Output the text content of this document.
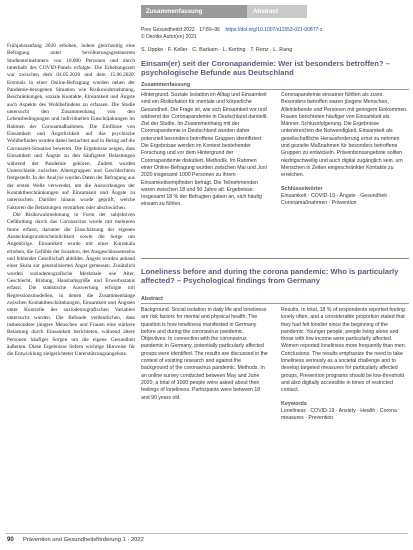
Frühjahrsanfang 2020 erhoben, indem gleichzeitig eine Befragung unter bevölkerungsgesteuerten Studienteilnehmern von 10.000 Personen und durch innerhalb des COVID-Panels erfolgte. Die Erhebungszeit war zwischen dem 04.05.2020 und dem 15.06.2020. Erstmals in einer Online-Befragung wurden neben der Pandemie-bezogenen Situation wie Risikowahrnehmung, Beschränkungen, soziale Kontakte, Einsamkeit und Ängste auch Aspekte des Wohlbefindens zu erfassen. Die Studie untersucht den Zusammenhang von den Lebensbedingungen und individuellen Einschränkungen im Rahmen der Coronamaßnahmen. Die Einflüsse von Einsamkeit und Ängstlichkeit auf das psychische Wohlbefinden wurden dabei betrachtet und in Bezug auf die Coronazeit-Situation bewertet. Die Ergebnisse zeigen, dass Einsamkeit und Ängste zu den häufigsten Belastungen während der Pandemie gehören. Zudem wurden Unterschiede zwischen Altersgruppen und Geschlechtern festgestellt. In der Analyse wurden Daten der Befragung aus der ersten Welle verwendet, um die Auswirkungen der Kontaktbeschränkungen auf Einsamkeit und Ängste zu untersuchen. Darüber hinaus wurde geprüft, welche Faktoren die Belastungen verstärken oder abschwächen.

Die Risikowahrnehmung in Form der subjektiven Gefährdung durch das Coronavirus wurde mit mehreren Items erfasst, darunter die Einschätzung der eigenen Ansteckungswahrscheinlichkeit sowie die Sorge um Angehörige. Einsamkeit wurde mit einer Kurzskala erhoben, die Gefühle der Isolation, des Ausgeschlossenseins und fehlender Gesellschaft abbildet. Ängste wurden anhand einer Skala zur generalisierten Angst gemessen. Zusätzlich wurden soziodemografische Merkmale wie Alter, Geschlecht, Bildung, Haushaltsgröße und Erwerbsstatus erfasst. Die statistische Auswertung erfolgte mit Regressionsmodellen, in denen die Zusammenhänge zwischen Kontaktbeschränkungen, Einsamkeit und Ängsten unter Kontrolle der soziodemografischen Variablen untersucht wurden. Die Befunde verdeutlichen, dass insbesondere jüngere Menschen und Frauen eine stärkere Belastung durch Einsamkeit berichteten, während ältere Personen häufiger Sorgen um die eigene Gesundheit äußerten. Diese Ergebnisse liefern wichtige Hinweise für die Entwicklung zielgerichteter Unterstützungsangebote.

Zusammenfassung	Abstract
Prev Gesundheitsf 2022 · 17:89–96 https://doi.org/10.1007/s11553-021-00877-z
© Der/die Autor(en) 2021
S. Uppke · F. Keller · C. Barkam · L. Kerting · T. Renz · L. Rang
Einsam(er) seit der Coronapandemie: Wer ist besonders betroffen? – psychologische Befunde aus Deutschland
Zusammenfassung

Hintergrund. Soziale Isolation im Alltag und Einsamkeit sind ein Risikofaktor für mentale und körperliche Gesundheit. Die Frage ist, wie sich Einsamkeit vor und während der Coronapandemie in Deutschland darstellt. Ziel der Studie. Im Zusammenhang mit der Coronapandemie in Deutschland wurden daher potenziell besonders betroffene Gruppen identifiziert. Die Ergebnisse werden im Kontext bestehender Forschung und vor dem Hintergrund der Coronapandemie diskutiert. Methodik. Im Rahmen einer Online-Befragung wurden zwischen Mai und Juni 2020 insgesamt 1000 Personen zu ihrem Einsamkeitsempfinden befragt. Die Teilnehmenden waren zwischen 18 und 90 Jahre alt. Ergebnisse. Insgesamt 18 % der Befragten gaben an, sich häufig einsam zu fühlen.

Coronapandemie einsamer fühlten als zuvor. Besonders betroffen waren jüngere Menschen, Alleinlebende und Personen mit geringem Einkommen. Frauen berichteten häufiger von Einsamkeit als Männer. Schlussfolgerung. Die Ergebnisse unterstreichen die Notwendigkeit, Einsamkeit als gesellschaftliche Herausforderung ernst zu nehmen und gezielte Maßnahmen für besonders betroffene Gruppen zu entwickeln. Präventionsangebote sollten niedrigschwellig und auch digital zugänglich sein, um Menschen in Zeiten eingeschränkter Kontakte zu erreichen.

Schlüsselwörter
Einsamkeit · COVID-19 · Ängste · Gesundheit · Coronamaßnahmen · Prävention
Loneliness before and during the corona pandemic: Who is particularly affected? – Psychological findings from Germany
Abstract

Background. Social isolation in daily life and loneliness are risk factors for mental and physical health. The question is how loneliness manifested in Germany before and during the coronavirus pandemic. Objectives. In connection with the coronavirus pandemic in Germany, potentially particularly affected groups were identified. The results are discussed in the context of existing research and against the background of the coronavirus pandemic. Methods. In an online survey conducted between May and June 2020, a total of 1000 people were asked about their feelings of loneliness. Participants were between 18 and 90 years old.

Results. In total, 18 % of respondents reported feeling lonely often, and a considerable proportion stated that they had felt lonelier since the beginning of the pandemic. Younger people, people living alone and those with low income were particularly affected. Women reported loneliness more frequently than men. Conclusions. The results emphasize the need to take loneliness seriously as a societal challenge and to develop targeted measures for particularly affected groups. Prevention programs should be low-threshold and also digitally accessible in times of restricted contact.

Keywords
Loneliness · COVID-19 · Anxiety · Health · Corona measures · Prevention
90 Prävention und Gesundheitsförderung 1 · 2022
